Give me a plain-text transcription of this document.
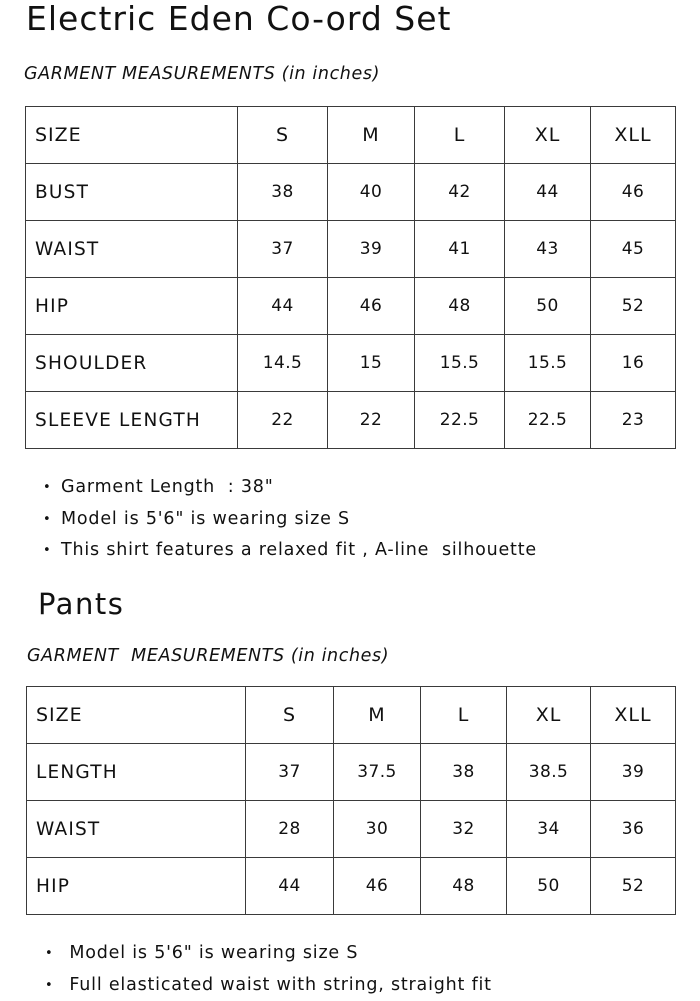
Electric Eden Co-ord Set
GARMENT MEASUREMENTS (in inches)
SIZE	S	M	L	XL	XLL
BUST	38	40	42	44	46
WAIST	37	39	41	43	45
HIP	44	46	48	50	52
SHOULDER	14.5	15	15.5	15.5	16
SLEEVE LENGTH	22	22	22.5	22.5	23
• Garment Length  : 38"
• Model is 5'6" is wearing size S
• This shirt features a relaxed fit , A-line  silhouette
Pants
GARMENT  MEASUREMENTS (in inches)
SIZE	S	M	L	XL	XLL
LENGTH	37	37.5	38	38.5	39
WAIST	28	30	32	34	36
HIP	44	46	48	50	52
•  Model is 5'6" is wearing size S
•  Full elasticated waist with string, straight fit
